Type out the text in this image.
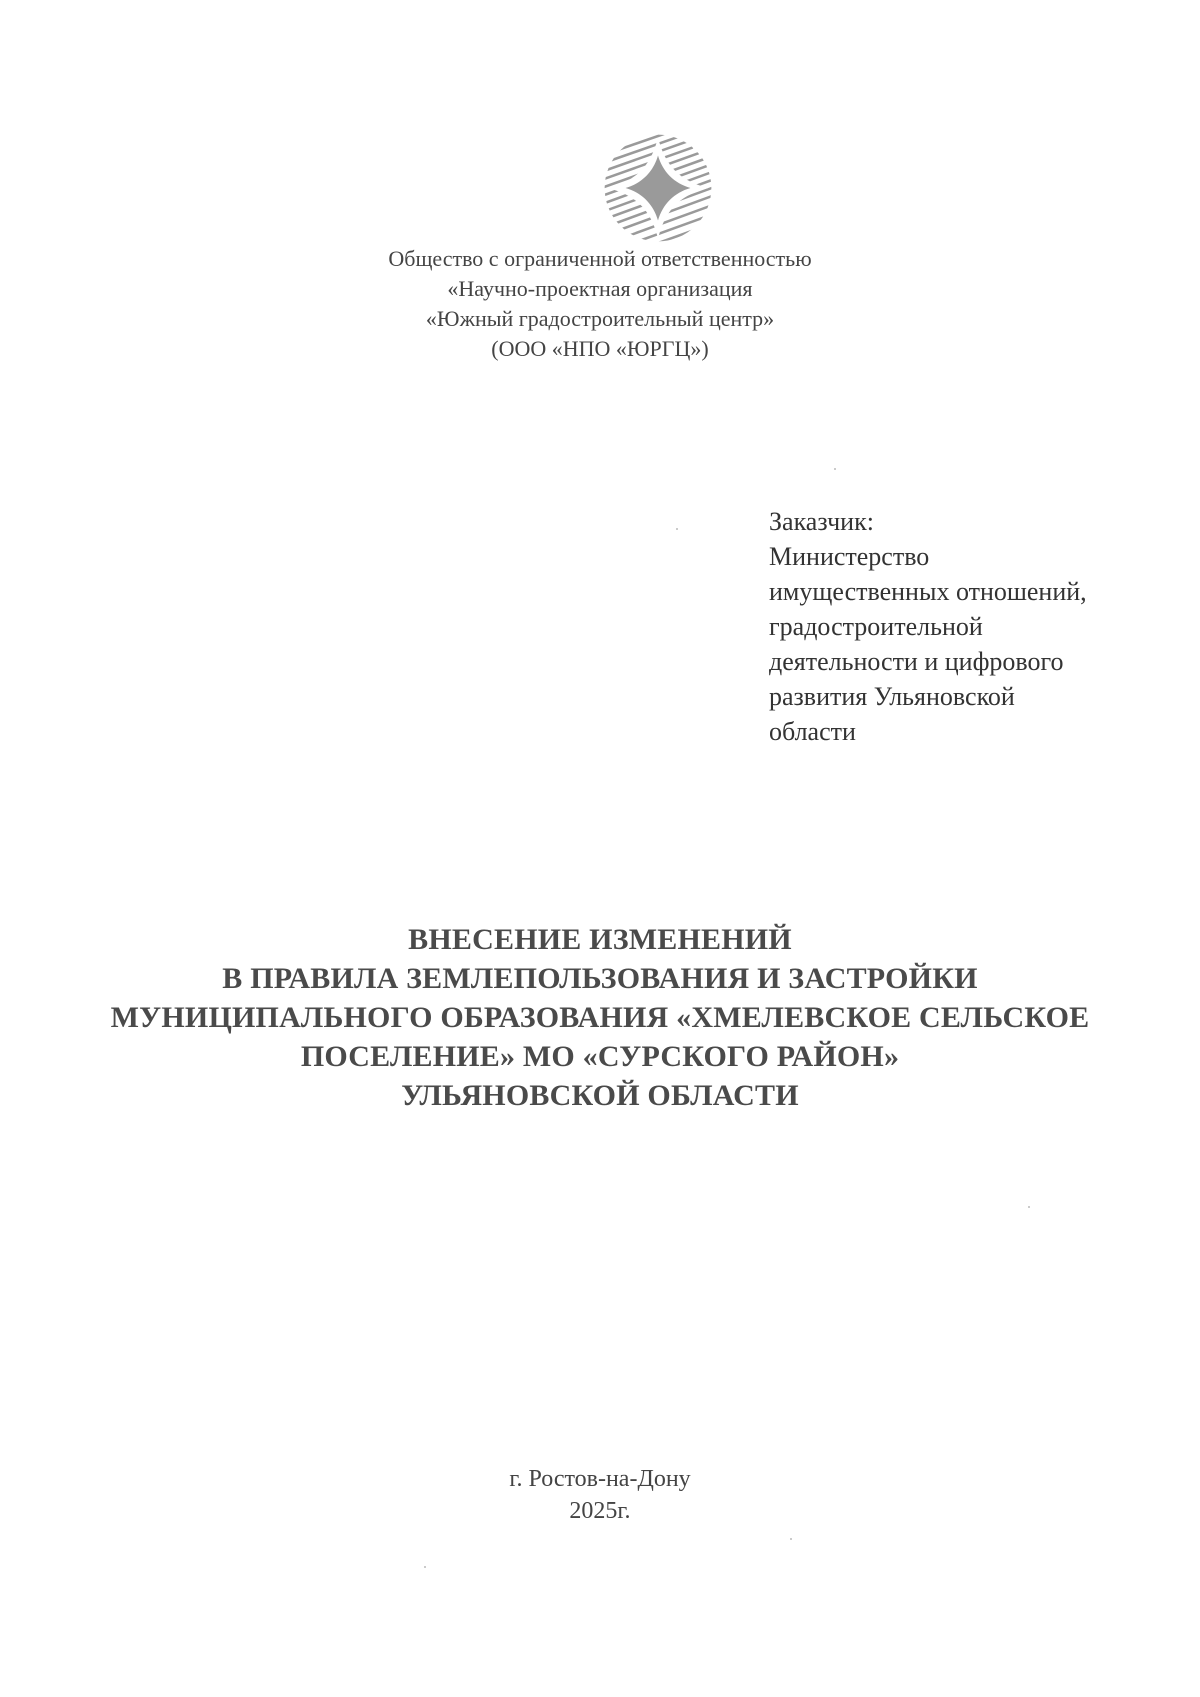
Общество с ограниченной ответственностью
«Научно-проектная организация
«Южный градостроительный центр»
(ООО «НПО «ЮРГЦ»)
Заказчик:
Министерство
имущественных отношений,
градостроительной
деятельности и цифрового
развития Ульяновской
области
ВНЕСЕНИЕ ИЗМЕНЕНИЙ
В ПРАВИЛА ЗЕМЛЕПОЛЬЗОВАНИЯ И ЗАСТРОЙКИ
МУНИЦИПАЛЬНОГО ОБРАЗОВАНИЯ «ХМЕЛЕВСКОЕ СЕЛЬСКОЕ
ПОСЕЛЕНИЕ» МО «СУРСКОГО РАЙОН»
УЛЬЯНОВСКОЙ ОБЛАСТИ
г. Ростов-на-Дону
2025г.
